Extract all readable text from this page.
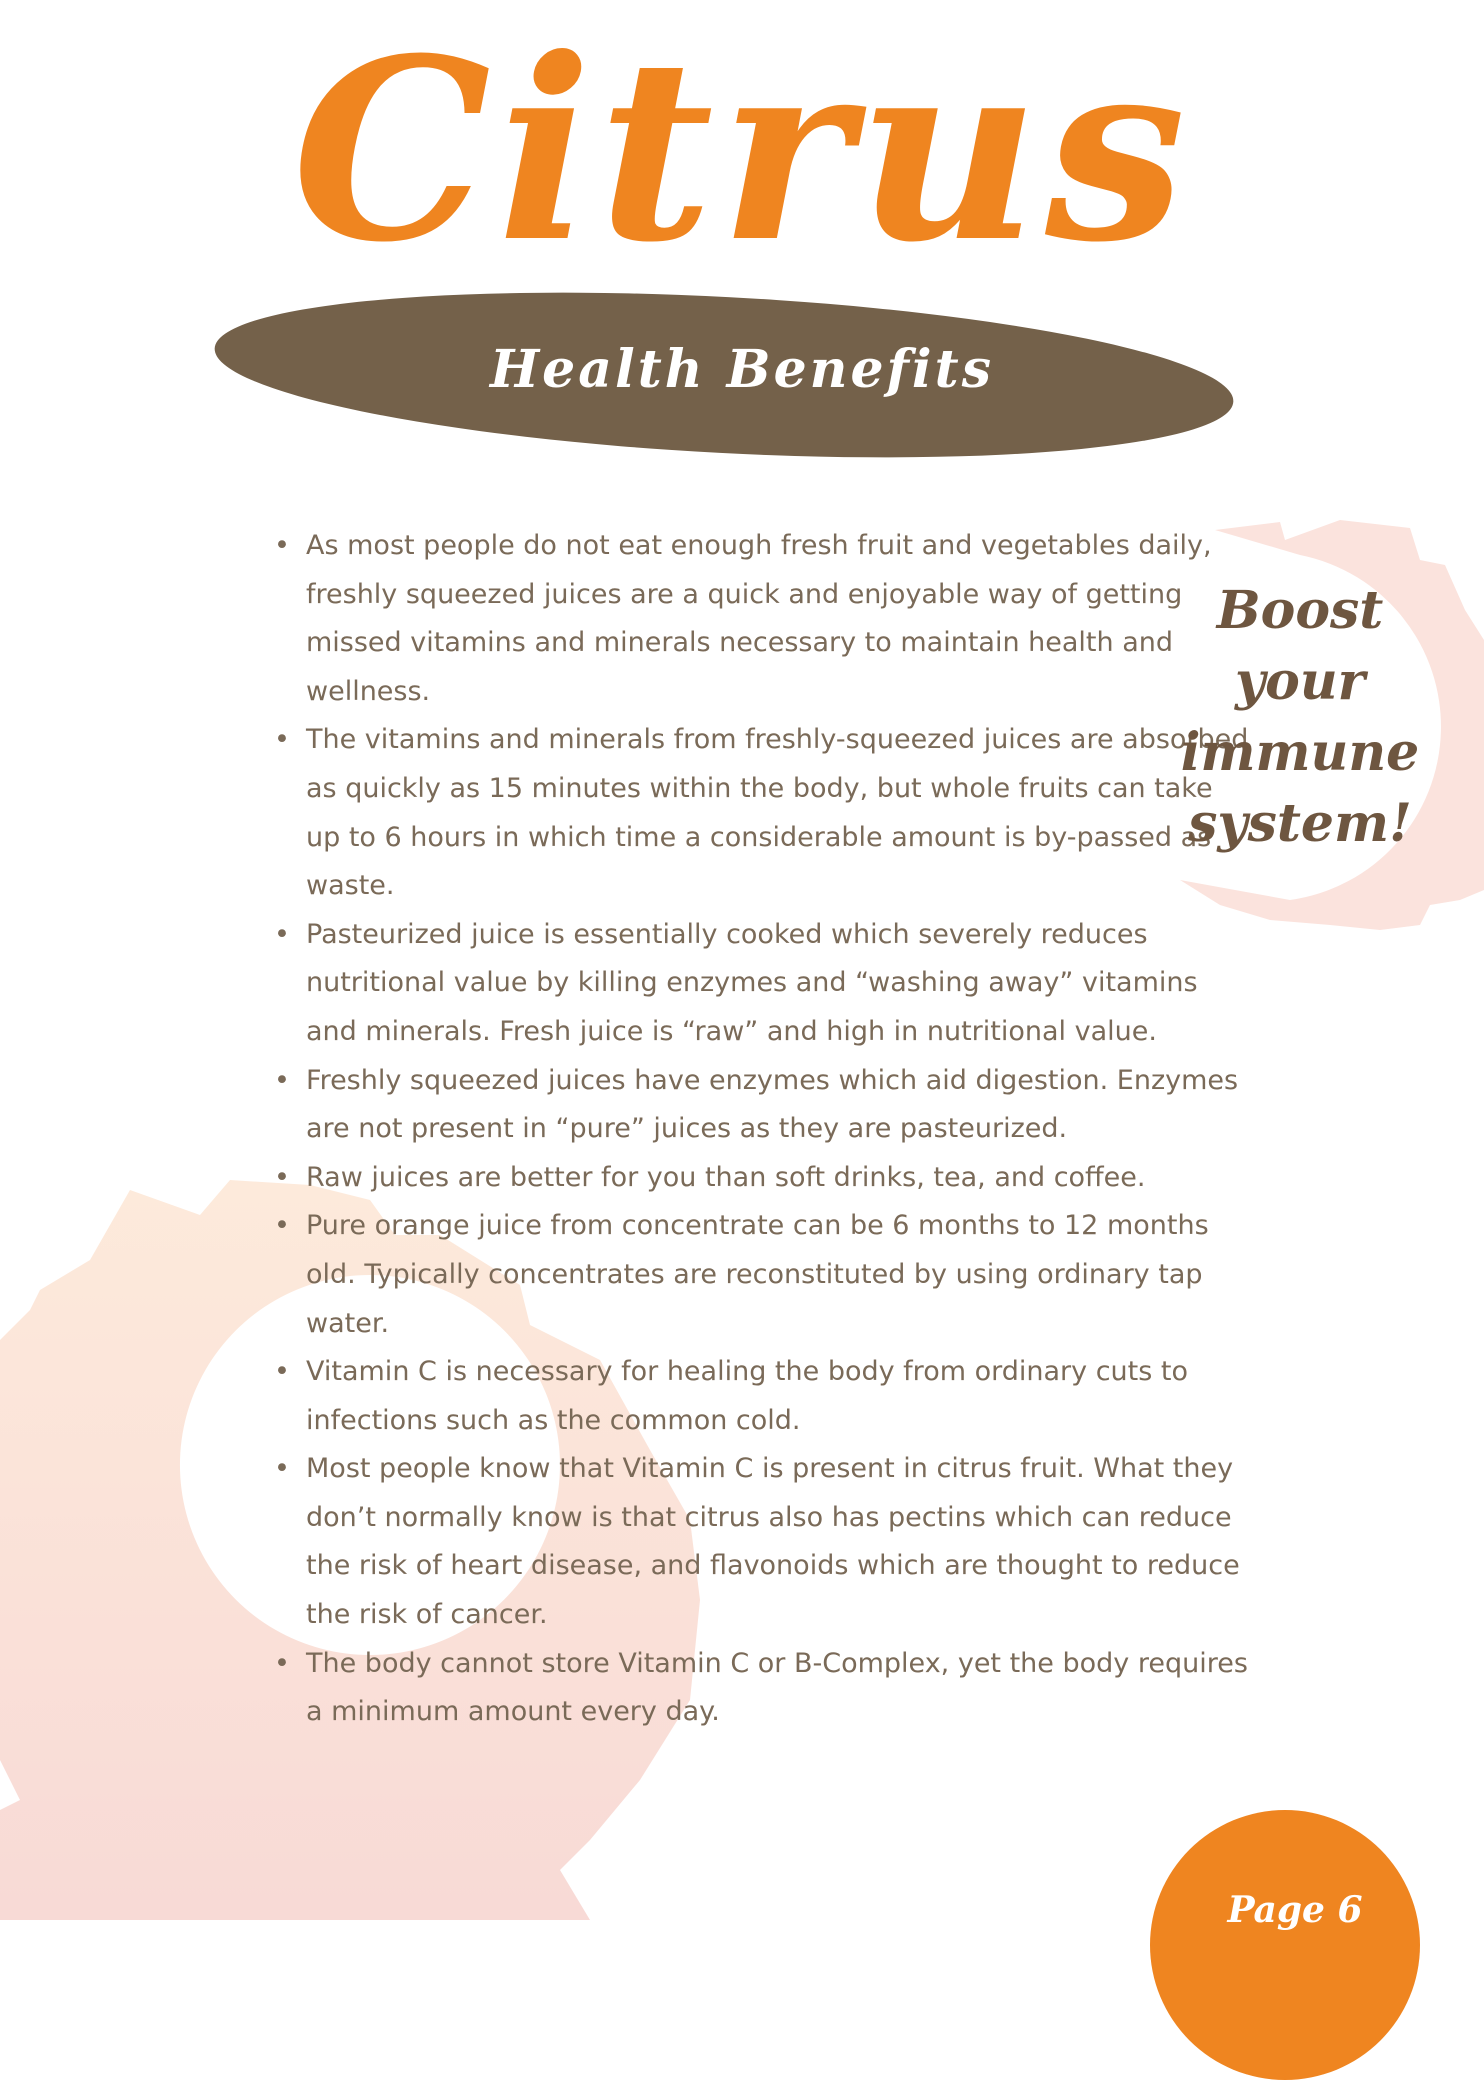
Citrus
Health Benefits
• As most people do not eat enough fresh fruit and vegetables daily, freshly squeezed juices are a quick and enjoyable way of getting missed vitamins and minerals necessary to maintain health and wellness.
• The vitamins and minerals from freshly-squeezed juices are absorbed as quickly as 15 minutes within the body, but whole fruits can take up to 6 hours in which time a considerable amount is by-passed as waste.
• Pasteurized juice is essentially cooked which severely reduces nutritional value by killing enzymes and “washing away” vitamins and minerals. Fresh juice is “raw” and high in nutritional value.
• Freshly squeezed juices have enzymes which aid digestion. Enzymes are not present in “pure” juices as they are pasteurized.
• Raw juices are better for you than soft drinks, tea, and coffee.
• Pure orange juice from concentrate can be 6 months to 12 months old. Typically concentrates are reconstituted by using ordinary tap water.
• Vitamin C is necessary for healing the body from ordinary cuts to infections such as the common cold.
• Most people know that Vitamin C is present in citrus fruit. What they don’t normally know is that citrus also has pectins which can reduce the risk of heart disease, and flavonoids which are thought to reduce the risk of cancer.
• The body cannot store Vitamin C or B-Complex, yet the body requires a minimum amount every day.
Boost
your
immune
system!
Page 6
